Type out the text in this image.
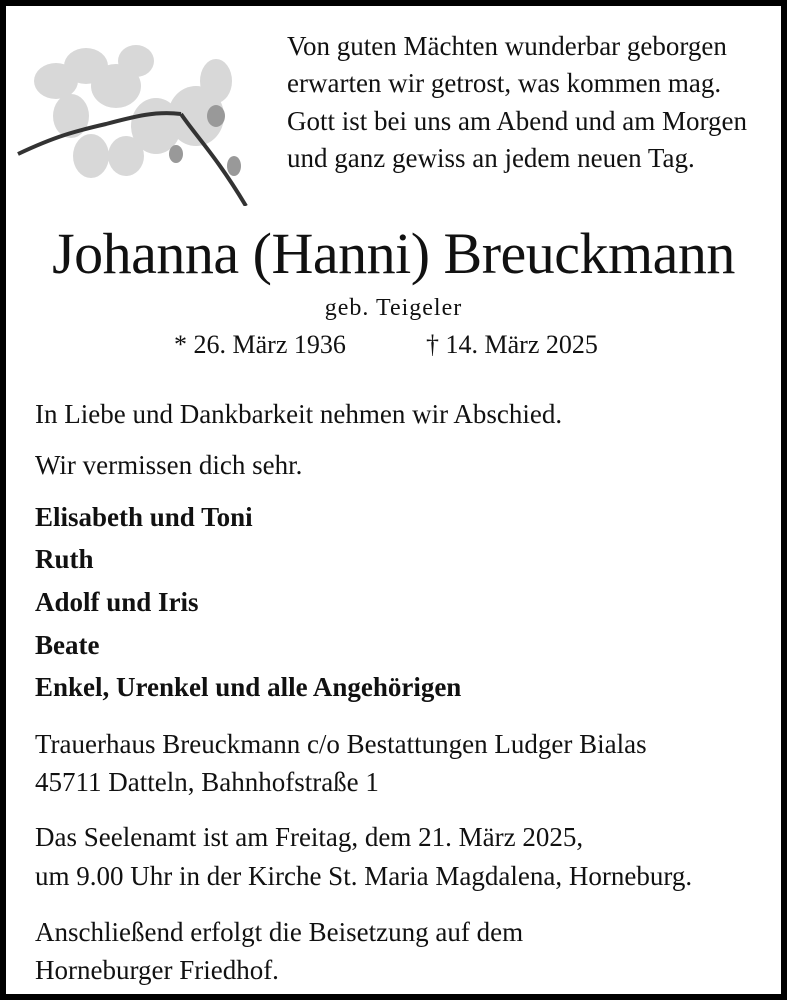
Von guten Mächten wunderbar geborgen
erwarten wir getrost, was kommen mag.
Gott ist bei uns am Abend und am Morgen
und ganz gewiss an jedem neuen Tag.
Johanna (Hanni) Breuckmann
geb. Teigeler
* 26. März 1936	† 14. März 2025
In Liebe und Dankbarkeit nehmen wir Abschied.
Wir vermissen dich sehr.
Elisabeth und Toni
Ruth
Adolf und Iris
Beate
Enkel, Urenkel und alle Angehörigen
Trauerhaus Breuckmann c/o Bestattungen Ludger Bialas
45711 Datteln, Bahnhofstraße 1
Das Seelenamt ist am Freitag, dem 21. März 2025,
um 9.00 Uhr in der Kirche St. Maria Magdalena, Horneburg.
Anschließend erfolgt die Beisetzung auf dem
Horneburger Friedhof.
